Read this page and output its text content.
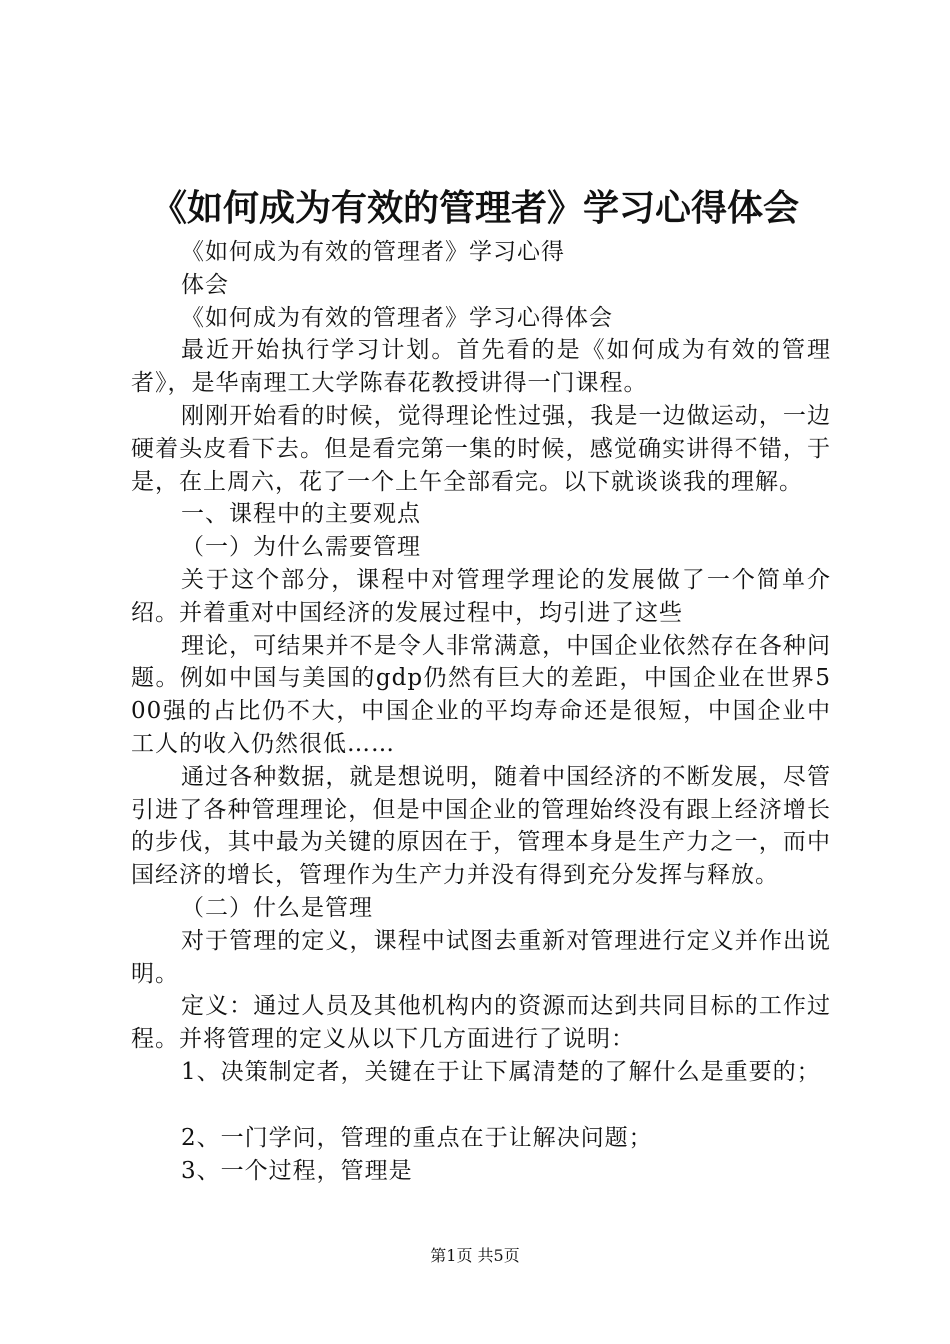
《如何成为有效的管理者》学习心得体会

《如何成为有效的管理者》学习心得

体会

《如何成为有效的管理者》学习心得体会

最近开始执行学习计划。首先看的是《如何成为有效的管理者》，是华南理工大学陈春花教授讲得一门课程。

刚刚开始看的时候，觉得理论性过强，我是一边做运动，一边硬着头皮看下去。但是看完第一集的时候，感觉确实讲得不错，于是，在上周六，花了一个上午全部看完。以下就谈谈我的理解。

一、课程中的主要观点

（一）为什么需要管理

关于这个部分，课程中对管理学理论的发展做了一个简单介绍。并着重对中国经济的发展过程中，均引进了这些

理论，可结果并不是令人非常满意，中国企业依然存在各种问题。例如中国与美国的gdp仍然有巨大的差距，中国企业在世界500强的占比仍不大，中国企业的平均寿命还是很短，中国企业中工人的收入仍然很低……

通过各种数据，就是想说明，随着中国经济的不断发展，尽管引进了各种管理理论，但是中国企业的管理始终没有跟上经济增长的步伐，其中最为关键的原因在于，管理本身是生产力之一，而中国经济的增长，管理作为生产力并没有得到充分发挥与释放。

（二）什么是管理

对于管理的定义，课程中试图去重新对管理进行定义并作出说明。

定义：通过人员及其他机构内的资源而达到共同目标的工作过程。并将管理的定义从以下几方面进行了说明：

1、决策制定者，关键在于让下属清楚的了解什么是重要的；

2、一门学问，管理的重点在于让解决问题；

3、一个过程，管理是

第1页 共5页
